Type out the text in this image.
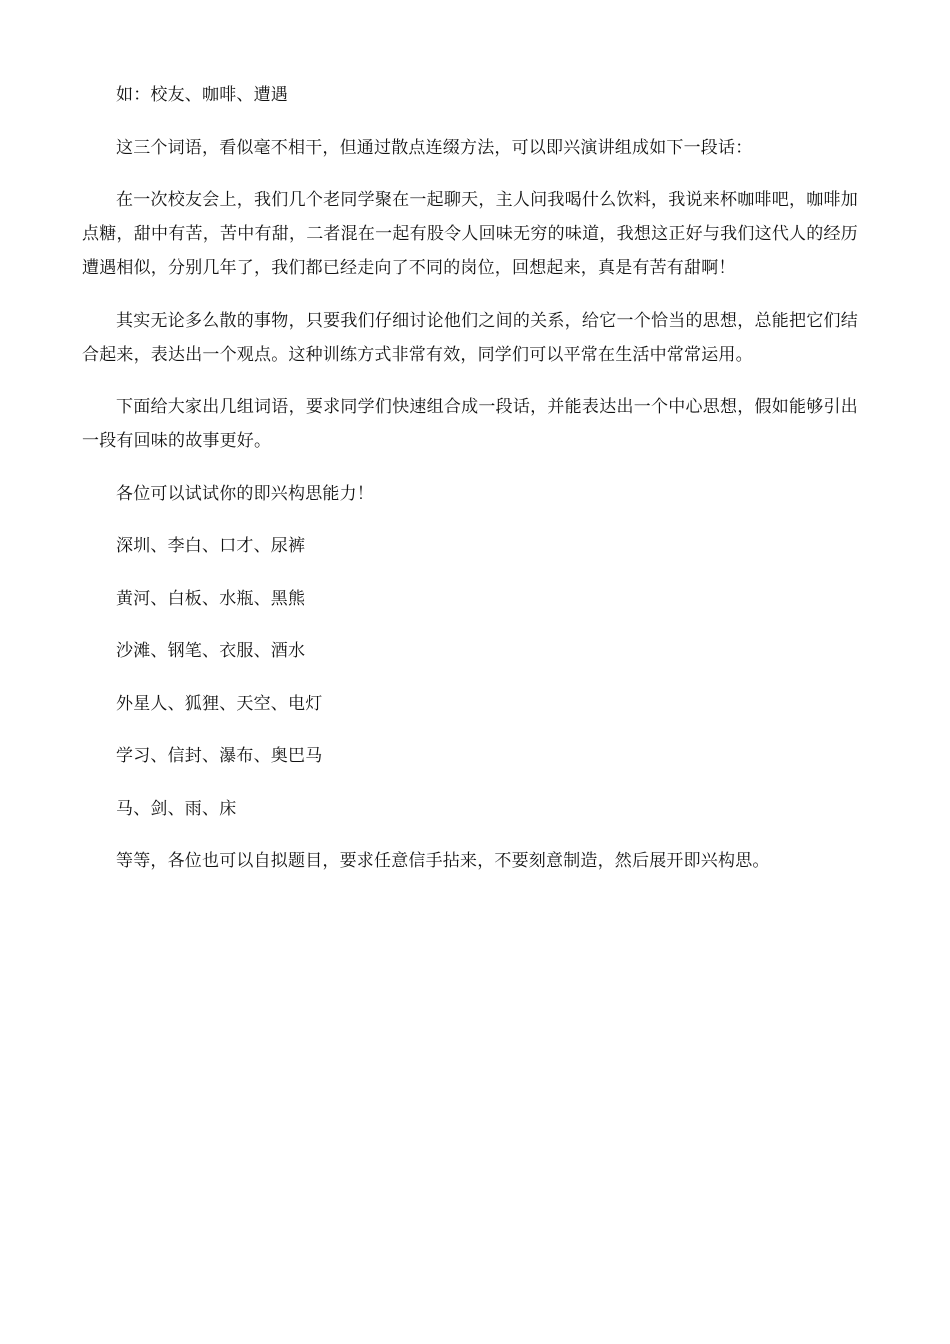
如：校友、咖啡、遭遇

这三个词语，看似毫不相干，但通过散点连缀方法，可以即兴演讲组成如下一段话：

在一次校友会上，我们几个老同学聚在一起聊天，主人问我喝什么饮料，我说来杯咖啡吧，咖啡加点糖，甜中有苦，苦中有甜，二者混在一起有股令人回味无穷的味道，我想这正好与我们这代人的经历遭遇相似，分别几年了，我们都已经走向了不同的岗位，回想起来，真是有苦有甜啊！

其实无论多么散的事物，只要我们仔细讨论他们之间的关系，给它一个恰当的思想，总能把它们结合起来，表达出一个观点。这种训练方式非常有效，同学们可以平常在生活中常常运用。

下面给大家出几组词语，要求同学们快速组合成一段话，并能表达出一个中心思想，假如能够引出一段有回味的故事更好。

各位可以试试你的即兴构思能力！

深圳、李白、口才、尿裤

黄河、白板、水瓶、黑熊

沙滩、钢笔、衣服、酒水

外星人、狐狸、天空、电灯

学习、信封、瀑布、奥巴马

马、剑、雨、床

等等，各位也可以自拟题目，要求任意信手拈来，不要刻意制造，然后展开即兴构思。
